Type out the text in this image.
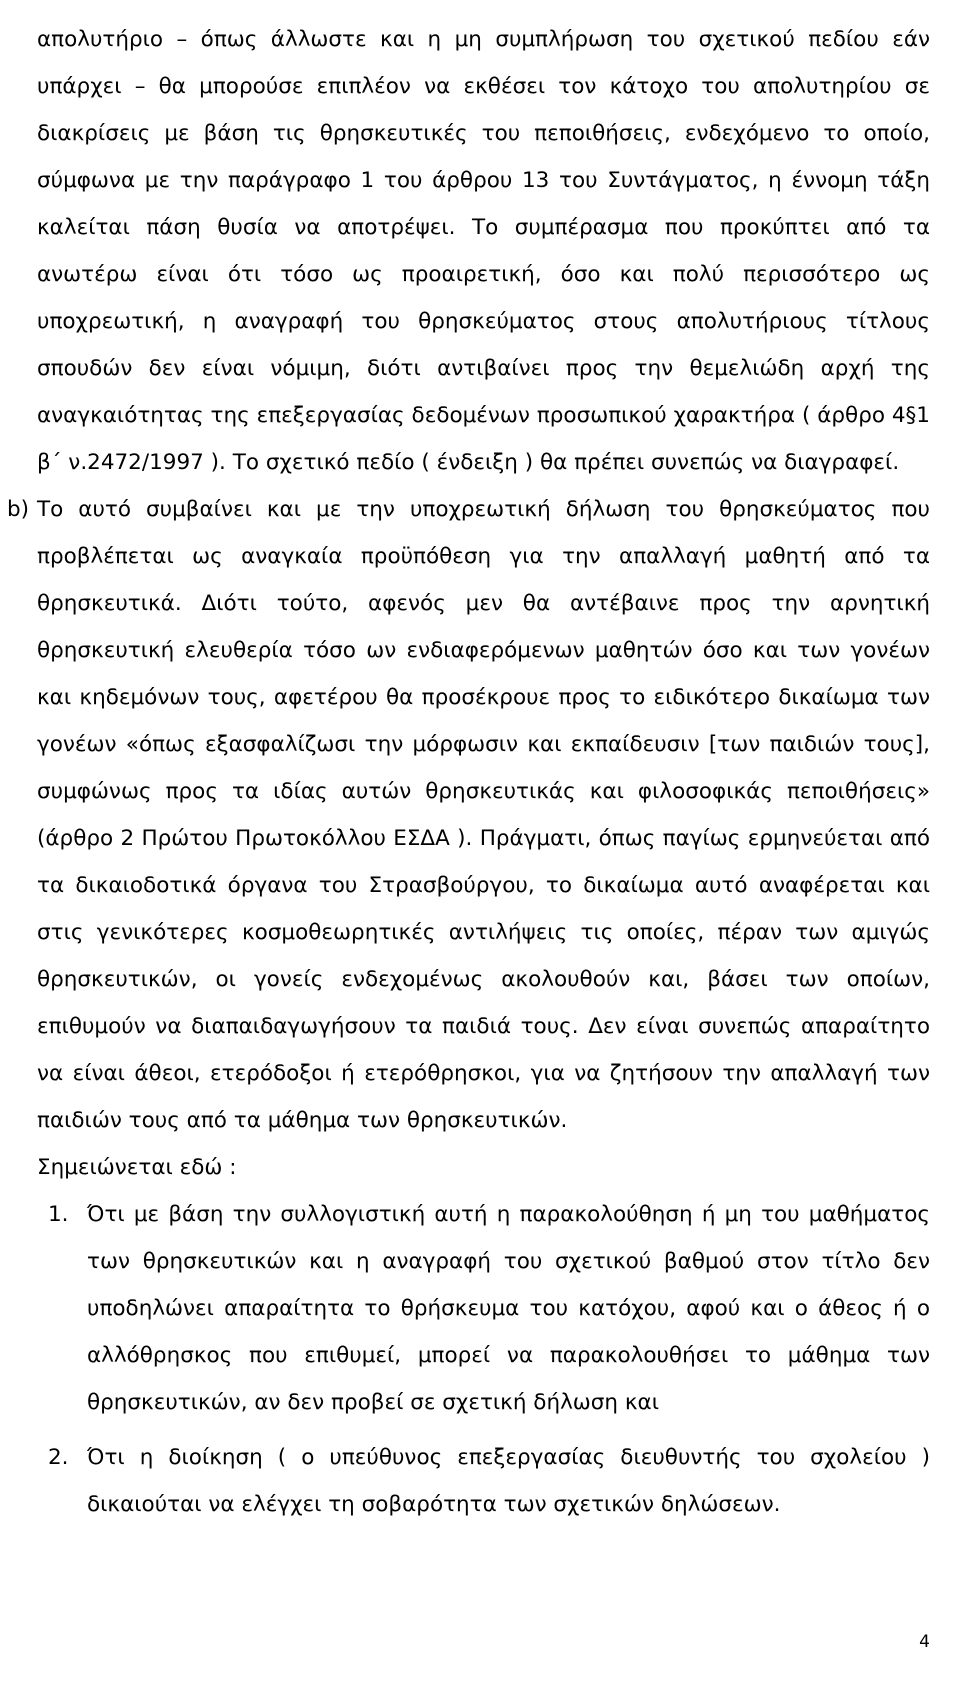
απολυτήριο – όπως άλλωστε και η μη συμπλήρωση του σχετικού πεδίου εάν υπάρχει – θα μπορούσε επιπλέον να εκθέσει τον κάτοχο του απολυτηρίου σε διακρίσεις με βάση τις θρησκευτικές του πεποιθήσεις, ενδεχόμενο το οποίο, σύμφωνα με την παράγραφο 1 του άρθρου 13 του Συντάγματος, η έννομη τάξη καλείται πάση θυσία να αποτρέψει. Το συμπέρασμα που προκύπτει από τα ανωτέρω είναι ότι τόσο ως προαιρετική, όσο και πολύ περισσότερο ως υποχρεωτική, η αναγραφή του θρησκεύματος στους απολυτήριους τίτλους σπουδών δεν είναι νόμιμη, διότι αντιβαίνει προς την θεμελιώδη αρχή της αναγκαιότητας της επεξεργασίας δεδομένων προσωπικού χαρακτήρα ( άρθρο 4§1 β΄ ν.2472/1997 ). Το σχετικό πεδίο ( ένδειξη ) θα πρέπει συνεπώς να διαγραφεί.

b) Το αυτό συμβαίνει και με την υποχρεωτική δήλωση του θρησκεύματος που προβλέπεται ως αναγκαία προϋπόθεση για την απαλλαγή μαθητή από τα θρησκευτικά. Διότι τούτο, αφενός μεν θα αντέβαινε προς την αρνητική θρησκευτική ελευθερία τόσο ων ενδιαφερόμενων μαθητών όσο και των γονέων και κηδεμόνων τους, αφετέρου θα προσέκρουε προς το ειδικότερο δικαίωμα των γονέων «όπως εξασφαλίζωσι την μόρφωσιν και εκπαίδευσιν [των παιδιών τους], συμφώνως προς τα ιδίας αυτών θρησκευτικάς και φιλοσοφικάς πεποιθήσεις» (άρθρο 2 Πρώτου Πρωτοκόλλου ΕΣΔΑ ). Πράγματι, όπως παγίως ερμηνεύεται από τα δικαιοδοτικά όργανα του Στρασβούργου, το δικαίωμα αυτό αναφέρεται και στις γενικότερες κοσμοθεωρητικές αντιλήψεις τις οποίες, πέραν των αμιγώς θρησκευτικών, οι γονείς ενδεχομένως ακολουθούν και, βάσει των οποίων, επιθυμούν να διαπαιδαγωγήσουν τα παιδιά τους. Δεν είναι συνεπώς απαραίτητο να είναι άθεοι, ετερόδοξοι ή ετερόθρησκοι, για να ζητήσουν την απαλλαγή των παιδιών τους από τα μάθημα των θρησκευτικών.

Σημειώνεται εδώ :

1. Ότι με βάση την συλλογιστική αυτή η παρακολούθηση ή μη του μαθήματος των θρησκευτικών και η αναγραφή του σχετικού βαθμού στον τίτλο δεν υποδηλώνει απαραίτητα το θρήσκευμα του κατόχου, αφού και ο άθεος ή ο αλλόθρησκος που επιθυμεί, μπορεί να παρακολουθήσει το μάθημα των θρησκευτικών, αν δεν προβεί σε σχετική δήλωση και
2. Ότι η διοίκηση ( ο υπεύθυνος επεξεργασίας διευθυντής του σχολείου ) δικαιούται να ελέγχει τη σοβαρότητα των σχετικών δηλώσεων.
4
